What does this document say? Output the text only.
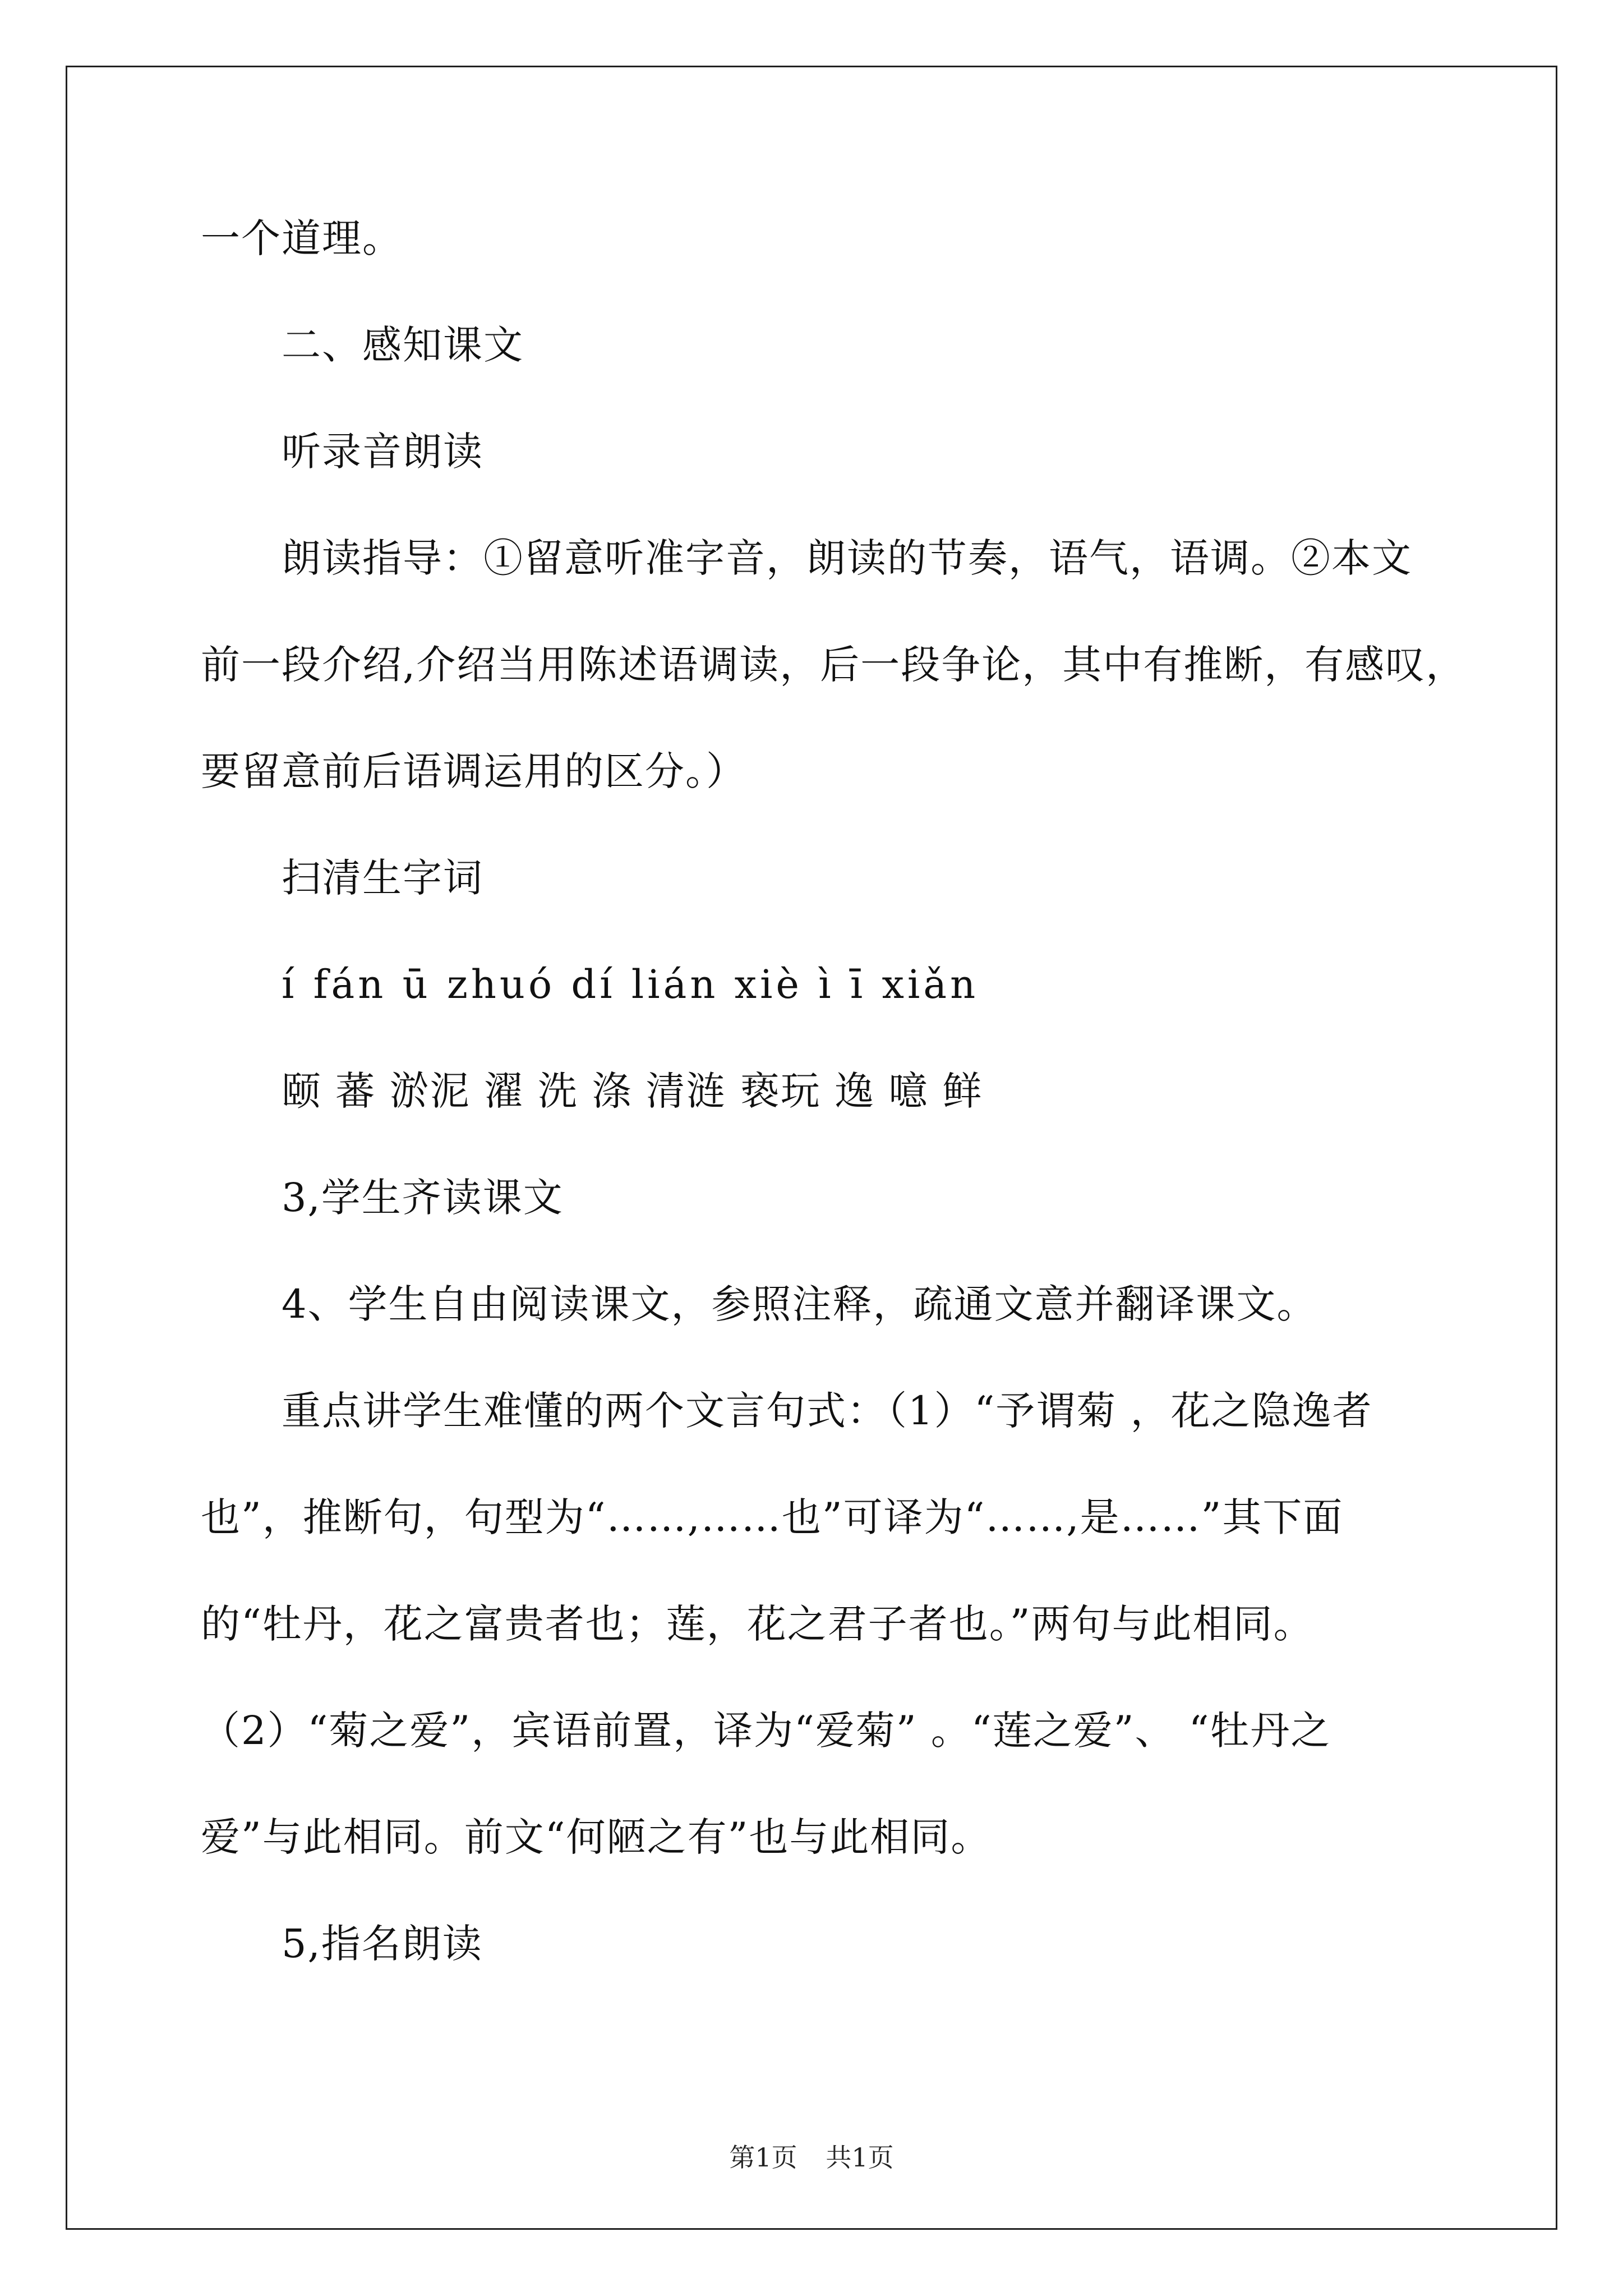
一个道理。
二、感知课文
听录音朗读
朗读指导：①留意听准字音，朗读的节奏，语气，语调。②本文
前一段介绍,介绍当用陈述语调读，后一段争论，其中有推断，有感叹，
要留意前后语调运用的区分。）
扫清生字词
í fán ū zhuó dí lián xiè ì ī xiǎn
颐 蕃 淤泥 濯 洗 涤 清涟 亵玩 逸 噫 鲜
3,学生齐读课文
4、学生自由阅读课文，参照注释，疏通文意并翻译课文。
重点讲学生难懂的两个文言句式：（1）“予谓菊 ，花之隐逸者
也”，推断句，句型为“……,……也”可译为“……,是……”其下面
的“牡丹，花之富贵者也；莲，花之君子者也。”两句与此相同。
（2）“菊之爱”，宾语前置，译为“爱菊” 。“莲之爱”、 “牡丹之
爱”与此相同。前文“何陋之有”也与此相同。
5,指名朗读
第1页 共1页
